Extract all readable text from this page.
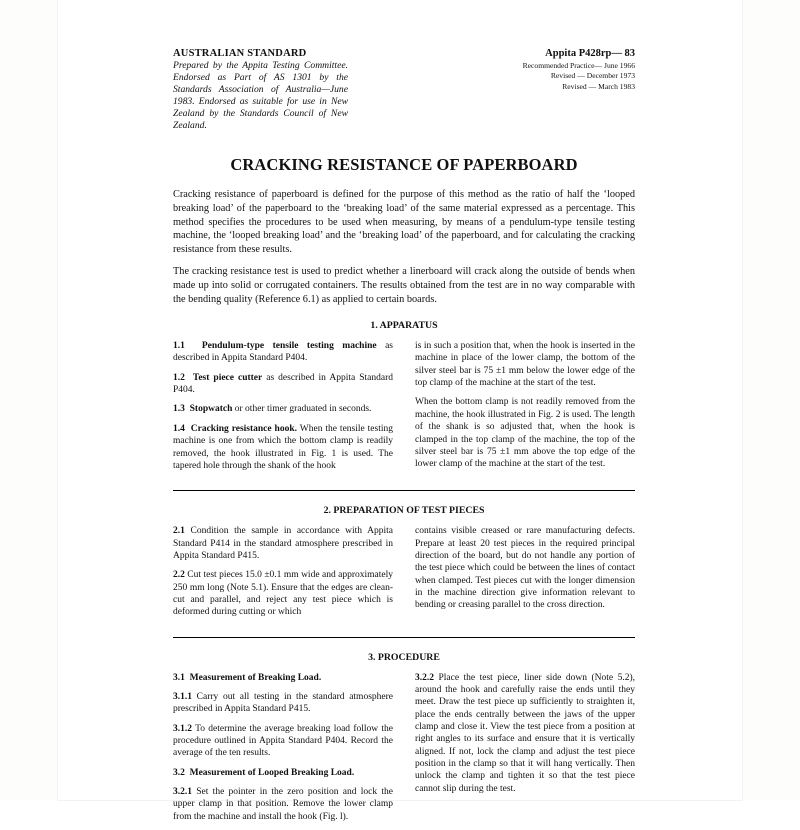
AUSTRALIAN STANDARD
Prepared by the Appita Testing Committee. Endorsed as Part of AS 1301 by the Standards Association of Australia—June 1983. Endorsed as suitable for use in New Zealand by the Standards Council of New Zealand.
Appita P428rp— 83
Recommended Practice— June 1966
Revised — December 1973
Revised — March 1983
CRACKING RESISTANCE OF PAPERBOARD

Cracking resistance of paperboard is defined for the purpose of this method as the ratio of half the ‘looped breaking load’ of the paperboard to the ‘breaking load’ of the same material expressed as a percentage. This method specifies the procedures to be used when measuring, by means of a pendulum-type tensile testing machine, the ‘looped breaking load’ and the ‘breaking load’ of the paperboard, and for calculating the cracking resistance from these results.

The cracking resistance test is used to predict whether a linerboard will crack along the outside of bends when made up into solid or corrugated containers. The results obtained from the test are in no way comparable with the bending quality (Reference 6.1) as applied to certain boards.

1. APPARATUS

1.1 Pendulum-type tensile testing machine as described in Appita Standard P404.

1.2 Test piece cutter as described in Appita Standard P404.

1.3 Stopwatch or other timer graduated in seconds.

1.4 Cracking resistance hook. When the tensile testing machine is one from which the bottom clamp is readily removed, the hook illustrated in Fig. 1 is used. The tapered hole through the shank of the hook

is in such a position that, when the hook is inserted in the machine in place of the lower clamp, the bottom of the silver steel bar is 75 ±1 mm below the lower edge of the top clamp of the machine at the start of the test.

When the bottom clamp is not readily removed from the machine, the hook illustrated in Fig. 2 is used. The length of the shank is so adjusted that, when the hook is clamped in the top clamp of the machine, the top of the silver steel bar is 75 ±1 mm above the top edge of the lower clamp of the machine at the start of the test.

2. PREPARATION OF TEST PIECES

2.1 Condition the sample in accordance with Appita Standard P414 in the standard atmosphere prescribed in Appita Standard P415.

2.2 Cut test pieces 15.0 ±0.1 mm wide and approximately 250 mm long (Note 5.1). Ensure that the edges are clean-cut and parallel, and reject any test piece which is deformed during cutting or which

contains visible creased or rare manufacturing defects. Prepare at least 20 test pieces in the required principal direction of the board, but do not handle any portion of the test piece which could be between the lines of contact when clamped. Test pieces cut with the longer dimension in the machine direction give information relevant to bending or creasing parallel to the cross direction.

3. PROCEDURE

3.1 Measurement of Breaking Load.

3.1.1 Carry out all testing in the standard atmosphere prescribed in Appita Standard P415.

3.1.2 To determine the average breaking load follow the procedure outlined in Appita Standard P404. Record the average of the ten results.

3.2 Measurement of Looped Breaking Load.

3.2.1 Set the pointer in the zero position and lock the upper clamp in that position. Remove the lower clamp from the machine and install the hook (Fig. l).

3.2.2 Place the test piece, liner side down (Note 5.2), around the hook and carefully raise the ends until they meet. Draw the test piece up sufficiently to straighten it, place the ends centrally between the jaws of the upper clamp and close it. View the test piece from a position at right angles to its surface and ensure that it is vertically aligned. If not, lock the clamp and adjust the test piece position in the clamp so that it will hang vertically. Then unlock the clamp and tighten it so that the test piece cannot slip during the test.
